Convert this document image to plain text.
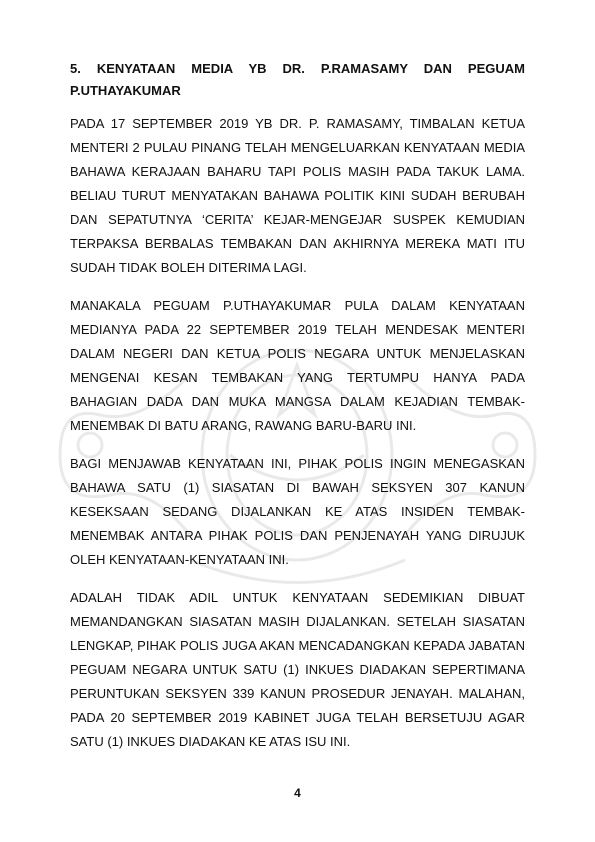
5. KENYATAAN MEDIA YB DR. P.RAMASAMY DAN PEGUAM P.UTHAYAKUMAR

PADA 17 SEPTEMBER 2019 YB DR. P. RAMASAMY, TIMBALAN KETUA MENTERI 2 PULAU PINANG TELAH MENGELUARKAN KENYATAAN MEDIA BAHAWA KERAJAAN BAHARU TAPI POLIS MASIH PADA TAKUK LAMA. BELIAU TURUT MENYATAKAN BAHAWA POLITIK KINI SUDAH BERUBAH DAN SEPATUTNYA ‘CERITA’ KEJAR-MENGEJAR SUSPEK KEMUDIAN TERPAKSA BERBALAS TEMBAKAN DAN AKHIRNYA MEREKA MATI ITU SUDAH TIDAK BOLEH DITERIMA LAGI.

MANAKALA PEGUAM P.UTHAYAKUMAR PULA DALAM KENYATAAN MEDIANYA PADA 22 SEPTEMBER 2019 TELAH MENDESAK MENTERI DALAM NEGERI DAN KETUA POLIS NEGARA UNTUK MENJELASKAN MENGENAI KESAN TEMBAKAN YANG TERTUMPU HANYA PADA BAHAGIAN DADA DAN MUKA MANGSA DALAM KEJADIAN TEMBAK-MENEMBAK DI BATU ARANG, RAWANG BARU-BARU INI.

BAGI MENJAWAB KENYATAAN INI, PIHAK POLIS INGIN MENEGASKAN BAHAWA SATU (1) SIASATAN DI BAWAH SEKSYEN 307 KANUN KESEKSAAN SEDANG DIJALANKAN KE ATAS INSIDEN TEMBAK-MENEMBAK ANTARA PIHAK POLIS DAN PENJENAYAH YANG DIRUJUK OLEH KENYATAAN-KENYATAAN INI.

ADALAH TIDAK ADIL UNTUK KENYATAAN SEDEMIKIAN DIBUAT MEMANDANGKAN SIASATAN MASIH DIJALANKAN. SETELAH SIASATAN LENGKAP, PIHAK POLIS JUGA AKAN MENCADANGKAN KEPADA JABATAN PEGUAM NEGARA UNTUK SATU (1) INKUES DIADAKAN SEPERTIMANA PERUNTUKAN SEKSYEN 339 KANUN PROSEDUR JENAYAH. MALAHAN, PADA 20 SEPTEMBER 2019 KABINET JUGA TELAH BERSETUJU AGAR SATU (1) INKUES DIADAKAN KE ATAS ISU INI.

4
